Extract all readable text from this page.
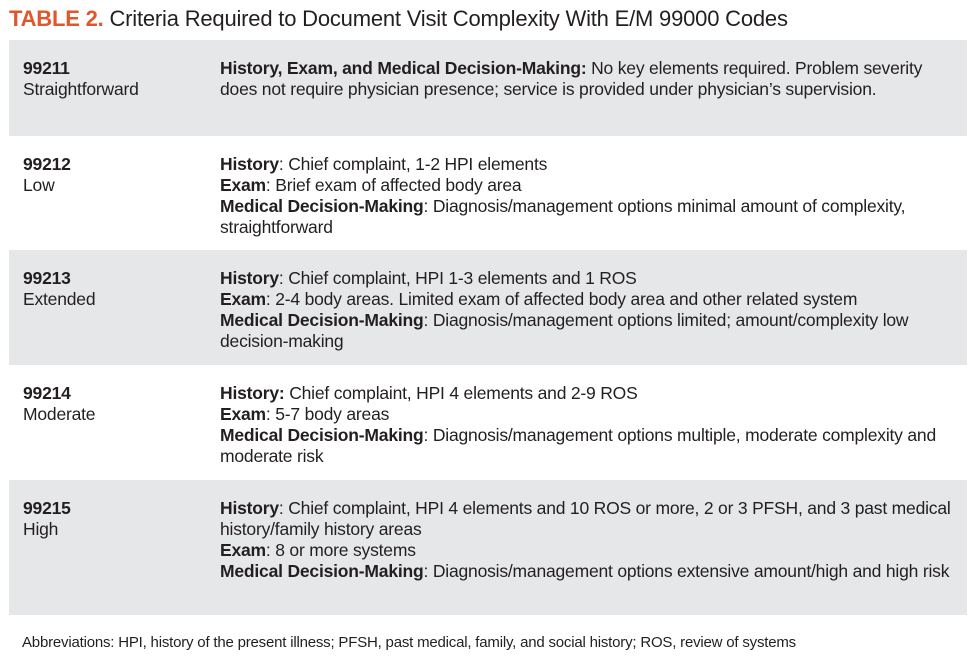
TABLE 2. Criteria Required to Document Visit Complexity With E/M 99000 Codes
99211
Straightforward
History, Exam, and Medical Decision-Making: No key elements required. Problem severity does not require physician presence; service is provided under physician’s supervision.
99212
Low
History: Chief complaint, 1-2 HPI elements
Exam: Brief exam of affected body area
Medical Decision-Making: Diagnosis/management options minimal amount of complexity, straightforward
99213
Extended
History: Chief complaint, HPI 1-3 elements and 1 ROS
Exam: 2-4 body areas. Limited exam of affected body area and other related system
Medical Decision-Making: Diagnosis/management options limited; amount/complexity low decision-making
99214
Moderate
History: Chief complaint, HPI 4 elements and 2-9 ROS
Exam: 5-7 body areas
Medical Decision-Making: Diagnosis/management options multiple, moderate complexity and moderate risk
99215
High
History: Chief complaint, HPI 4 elements and 10 ROS or more, 2 or 3 PFSH, and 3 past medical history/family history areas
Exam: 8 or more systems
Medical Decision-Making: Diagnosis/management options extensive amount/high and high risk
Abbreviations: HPI, history of the present illness; PFSH, past medical, family, and social history; ROS, review of systems
